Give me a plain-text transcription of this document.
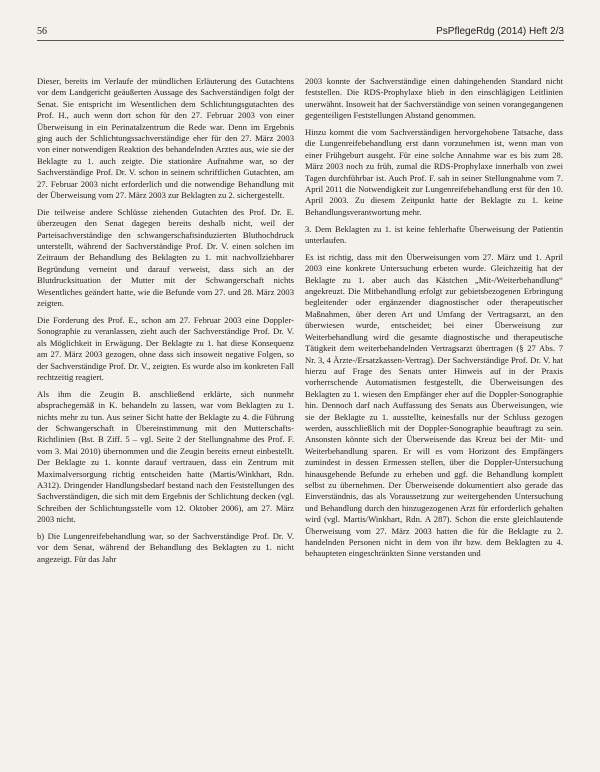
56	PsPflegeRdg (2014) Heft 2/3

Dieser, bereits im Verlaufe der mündlichen Erläuterung des Gutachtens vor dem Landgericht geäußerten Aussage des Sachverständigen folgt der Senat. Sie entspricht im Wesentlichen dem Schlichtungsgutachten des Prof. H., auch wenn dort schon für den 27. Februar 2003 von einer Überweisung in ein Perinatalzentrum die Rede war. Denn im Ergebnis ging auch der Schlichtungssachverständige eher für den 27. März 2003 von einer notwendigen Reaktion des behandelnden Arztes aus, wie sie der Beklagte zu 1. auch zeigte. Die stationäre Aufnahme war, so der Sachverständige Prof. Dr. V. schon in seinem schriftlichen Gutachten, am 27. Februar 2003 nicht erforderlich und die notwendige Behandlung mit der Überweisung vom 27. März 2003 zur Beklagten zu 2. sichergestellt.

Die teilweise andere Schlüsse ziehenden Gutachten des Prof. Dr. E. überzeugen den Senat dagegen bereits deshalb nicht, weil der Parteisachverständige den schwangerschaftsinduzierten Bluthochdruck unterstellt, während der Sachverständige Prof. Dr. V. einen solchen im Zeitraum der Behandlung des Beklagten zu 1. mit nachvollziehbarer Begründung verneint und darauf verweist, dass sich an der Blutdrucksituation der Mutter mit der Schwangerschaft nichts Wesentliches geändert hatte, wie die Befunde vom 27. und 28. März 2003 zeigten.

Die Forderung des Prof. E., schon am 27. Februar 2003 eine Doppler-Sonographie zu veranlassen, zieht auch der Sachverständige Prof. Dr. V. als Möglichkeit in Erwägung. Der Beklagte zu 1. hat diese Konsequenz am 27. März 2003 gezogen, ohne dass sich insoweit negative Folgen, so der Sachverständige Prof. Dr. V., zeigten. Es wurde also im konkreten Fall rechtzeitig reagiert.

Als ihm die Zeugin B. anschließend erklärte, sich nunmehr absprachegemäß in K. behandeln zu lassen, war vom Beklagten zu 1. nichts mehr zu tun. Aus seiner Sicht hatte der Beklagte zu 4. die Führung der Schwangerschaft in Übereinstimmung mit den Mutterschafts-Richtlinien (Bst. B Ziff. 5 – vgl. Seite 2 der Stellungnahme des Prof. F. vom 3. Mai 2010) übernommen und die Zeugin bereits erneut einbestellt. Der Beklagte zu 1. konnte darauf vertrauen, dass ein Zentrum mit Maximalversorgung richtig entscheiden hatte (Martis/Winkhart, Rdn. A312). Dringender Handlungsbedarf bestand nach den Feststellungen des Sachverständigen, die sich mit dem Ergebnis der Schlichtung decken (vgl. Schreiben der Schlichtungsstelle vom 12. Oktober 2006), am 27. März 2003 nicht.

b) Die Lungenreifebehandlung war, so der Sachverständige Prof. Dr. V. vor dem Senat, während der Behandlung des Beklagten zu 1. nicht angezeigt. Für das Jahr

2003 konnte der Sachverständige einen dahingehenden Standard nicht feststellen. Die RDS-Prophylaxe blieb in den einschlägigen Leitlinien unerwähnt. Insoweit hat der Sachverständige von seinen vorangegangenen gegenteiligen Feststellungen Abstand genommen.

Hinzu kommt die vom Sachverständigen hervorgehobene Tatsache, dass die Lungenreifebehandlung erst dann vorzunehmen ist, wenn man von einer Frühgeburt ausgeht. Für eine solche Annahme war es bis zum 28. März 2003 noch zu früh, zumal die RDS-Prophylaxe innerhalb von zwei Tagen durchführbar ist. Auch Prof. F. sah in seiner Stellungnahme vom 7. April 2011 die Notwendigkeit zur Lungenreifebehandlung erst für den 10. April 2003. Zu diesem Zeitpunkt hatte der Beklagte zu 1. keine Behandlungsverantwortung mehr.

3. Dem Beklagten zu 1. ist keine fehlerhafte Überweisung der Patientin unterlaufen.

Es ist richtig, dass mit den Überweisungen vom 27. März und 1. April 2003 eine konkrete Untersuchung erbeten wurde. Gleichzeitig hat der Beklagte zu 1. aber auch das Kästchen „Mit-/Weiterbehandlung“ angekreuzt. Die Mitbehandlung erfolgt zur gebietsbezogenen Erbringung begleitender oder ergänzender diagnostischer oder therapeutischer Maßnahmen, über deren Art und Umfang der Vertragsarzt, an den überwiesen wurde, entscheidet; bei einer Überweisung zur Weiterbehandlung wird die gesamte diagnostische und therapeutische Tätigkeit dem weiterbehandelnden Vertragsarzt übertragen (§ 27 Abs. 7 Nr. 3, 4 Ärzte-/Ersatzkassen-Vertrag). Der Sachverständige Prof. Dr. V. hat hierzu auf Frage des Senats unter Hinweis auf in der Praxis vorherrschende Automatismen festgestellt, die Überweisungen des Beklagten zu 1. wiesen den Empfänger eher auf die Doppler-Sonographie hin. Dennoch darf nach Auffassung des Senats aus Überweisungen, wie sie der Beklagte zu 1. ausstellte, keinesfalls nur der Schluss gezogen werden, ausschließlich mit der Doppler-Sonographie beauftragt zu sein. Ansonsten könnte sich der Überweisende das Kreuz bei der Mit- und Weiterbehandlung sparen. Er will es vom Horizont des Empfängers zumindest in dessen Ermessen stellen, über die Doppler-Untersuchung hinausgehende Befunde zu erheben und ggf. die Behandlung komplett selbst zu übernehmen. Der Überweisende dokumentiert also gerade das Einverständnis, das als Voraussetzung zur weitergehenden Untersuchung und Behandlung durch den hinzugezogenen Arzt für erforderlich gehalten wird (vgl. Martis/Winkhart, Rdn. A 287). Schon die erste gleichlautende Überweisung vom 27. März 2003 hatten die für die Beklagte zu 2. handelnden Personen nicht in dem von ihr bzw. dem Beklagten zu 4. behaupteten eingeschränkten Sinne verstanden und
